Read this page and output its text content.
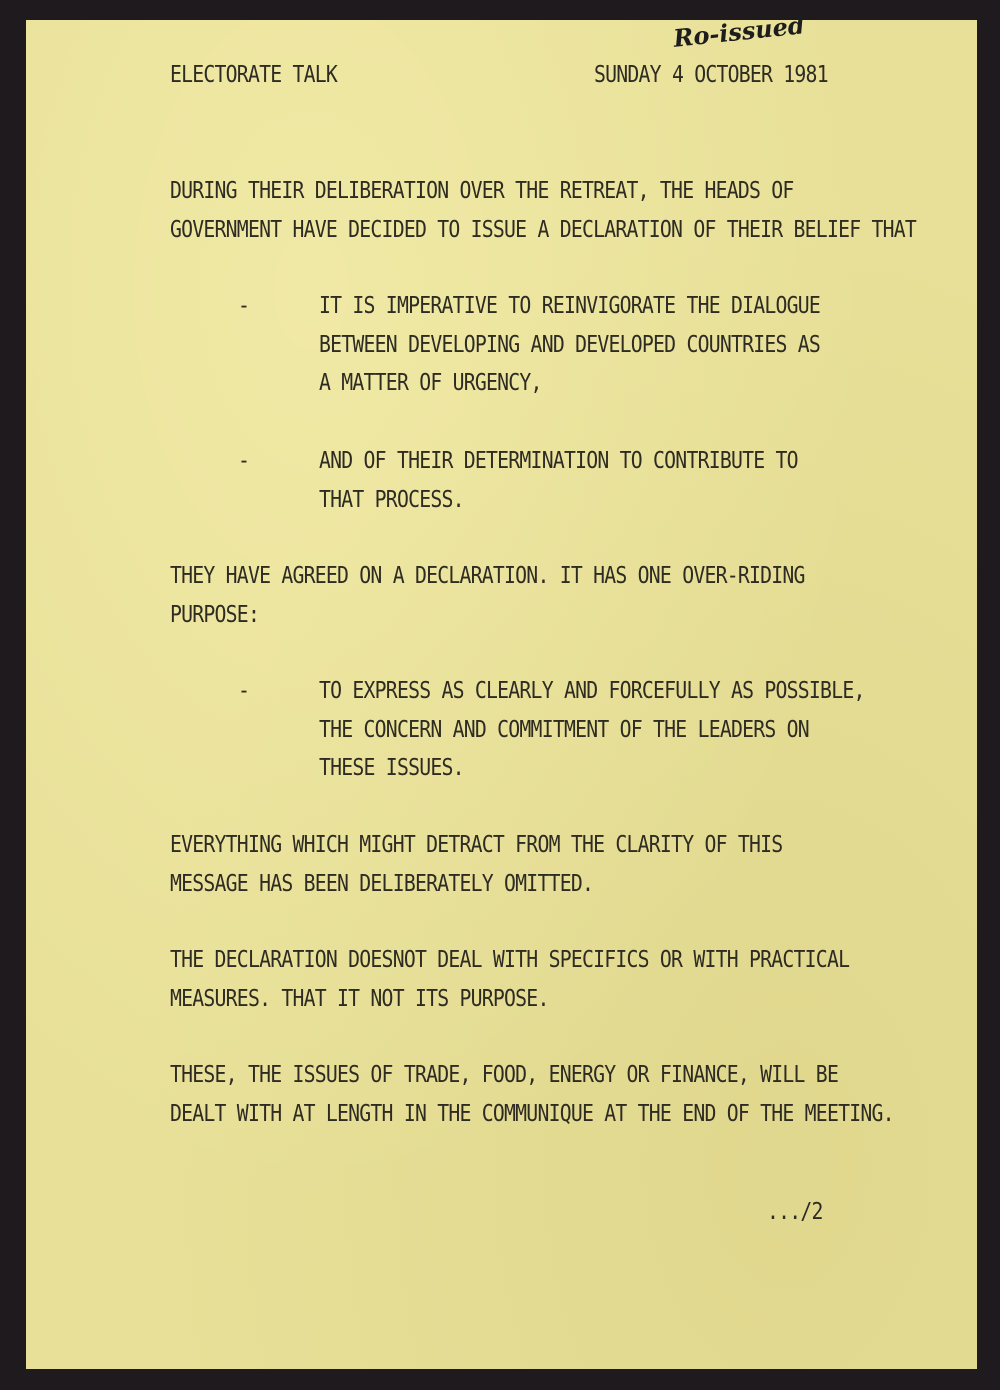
Ro-issued

ELECTORATE TALK	SUNDAY 4 OCTOBER 1981

DURING THEIR DELIBERATION OVER THE RETREAT, THE HEADS OF
GOVERNMENT HAVE DECIDED TO ISSUE A DECLARATION OF THEIR BELIEF THAT

-	IT IS IMPERATIVE TO REINVIGORATE THE DIALOGUE
BETWEEN DEVELOPING AND DEVELOPED COUNTRIES AS
A MATTER OF URGENCY,

-	AND OF THEIR DETERMINATION TO CONTRIBUTE TO
THAT PROCESS.

THEY HAVE AGREED ON A DECLARATION. IT HAS ONE OVER-RIDING
PURPOSE:

-	TO EXPRESS AS CLEARLY AND FORCEFULLY AS POSSIBLE,
THE CONCERN AND COMMITMENT OF THE LEADERS ON
THESE ISSUES.

EVERYTHING WHICH MIGHT DETRACT FROM THE CLARITY OF THIS
MESSAGE HAS BEEN DELIBERATELY OMITTED.

THE DECLARATION DOESNOT DEAL WITH SPECIFICS OR WITH PRACTICAL
MEASURES. THAT IT NOT ITS PURPOSE.

THESE, THE ISSUES OF TRADE, FOOD, ENERGY OR FINANCE, WILL BE
DEALT WITH AT LENGTH IN THE COMMUNIQUE AT THE END OF THE MEETING.

.../2
